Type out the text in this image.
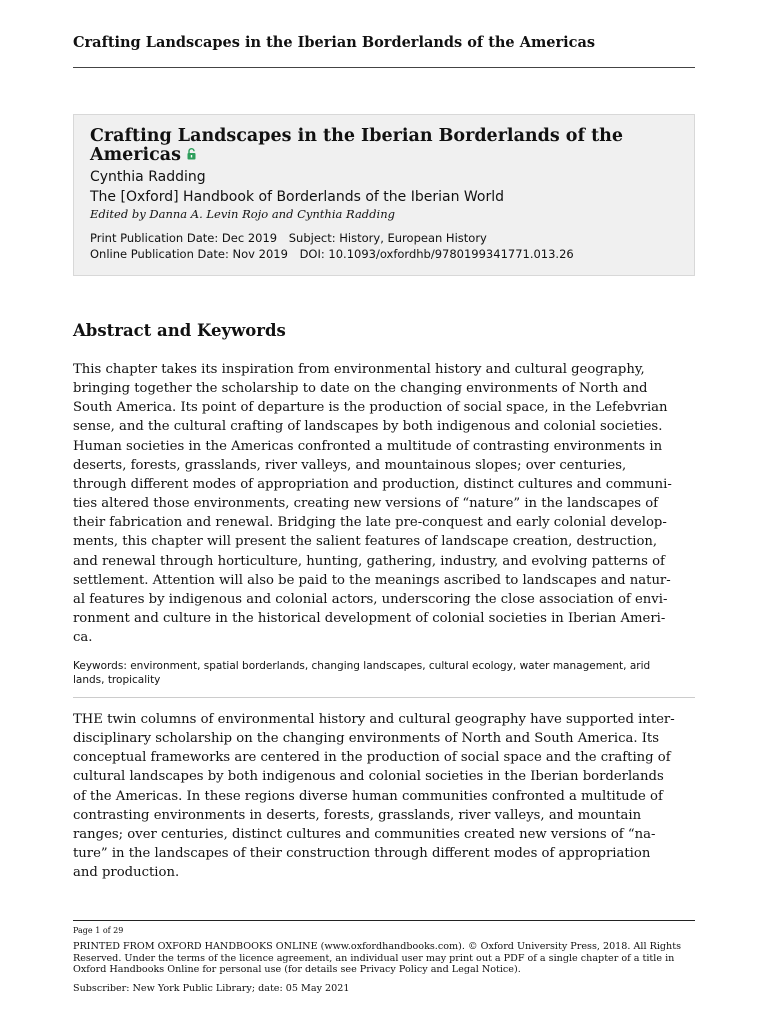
Crafting Landscapes in the Iberian Borderlands of the Americas
Crafting Landscapes in the Iberian Borderlands of the
Americas
Cynthia Radding
The [Oxford] Handbook of Borderlands of the Iberian World
Edited by Danna A. Levin Rojo and Cynthia Radding
Print Publication Date: Dec 2019 Subject: History, European History
Online Publication Date: Nov 2019 DOI: 10.1093/oxfordhb/9780199341771.013.26
Abstract and Keywords

This chapter takes its inspiration from environmental history and cultural geography,
bringing together the scholarship to date on the changing environments of North and
South America. Its point of departure is the production of social space, in the Lefebvrian
sense, and the cultural crafting of landscapes by both indigenous and colonial societies.
Human societies in the Americas confronted a multitude of contrasting environments in
deserts, forests, grasslands, river valleys, and mountainous slopes; over centuries,
through different modes of appropriation and production, distinct cultures and communi-
ties altered those environments, creating new versions of “nature” in the landscapes of
their fabrication and renewal. Bridging the late pre-conquest and early colonial develop-
ments, this chapter will present the salient features of landscape creation, destruction,
and renewal through horticulture, hunting, gathering, industry, and evolving patterns of
settlement. Attention will also be paid to the meanings ascribed to landscapes and natur-
al features by indigenous and colonial actors, underscoring the close association of envi-
ronment and culture in the historical development of colonial societies in Iberian Ameri-
ca.

Keywords: environment, spatial borderlands, changing landscapes, cultural ecology, water management, arid
lands, tropicality

THE twin columns of environmental history and cultural geography have supported inter-
disciplinary scholarship on the changing environments of North and South America. Its
conceptual frameworks are centered in the production of social space and the crafting of
cultural landscapes by both indigenous and colonial societies in the Iberian borderlands
of the Americas. In these regions diverse human communities confronted a multitude of
contrasting environments in deserts, forests, grasslands, river valleys, and mountain
ranges; over centuries, distinct cultures and communities created new versions of “na-
ture” in the landscapes of their construction through different modes of appropriation
and production.

Page 1 of 29
PRINTED FROM OXFORD HANDBOOKS ONLINE (www.oxfordhandbooks.com). © Oxford University Press, 2018. All Rights
Reserved. Under the terms of the licence agreement, an individual user may print out a PDF of a single chapter of a title in
Oxford Handbooks Online for personal use (for details see Privacy Policy and Legal Notice).
Subscriber: New York Public Library; date: 05 May 2021
